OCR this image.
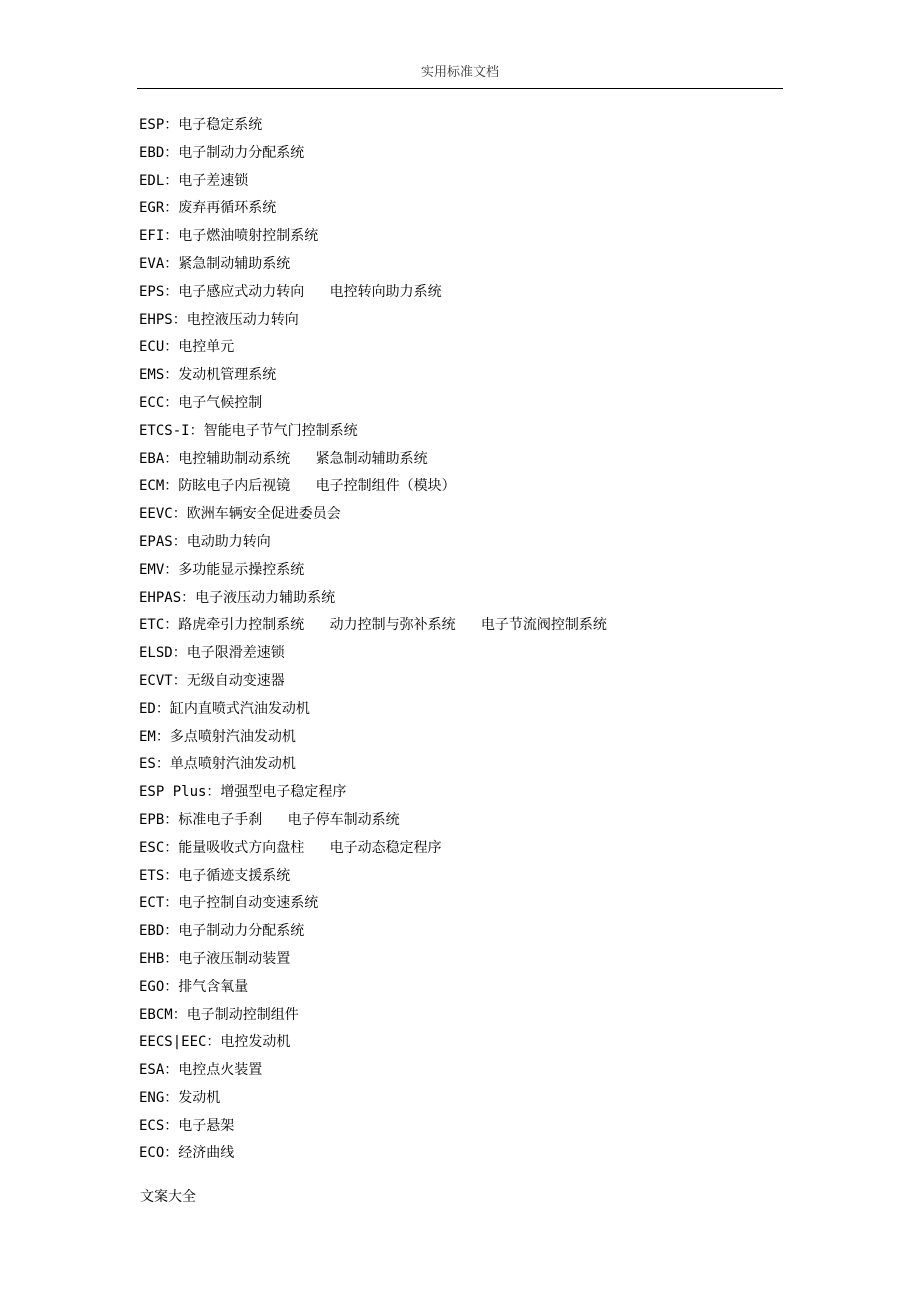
实用标准文档
ESP：电子稳定系统
EBD：电子制动力分配系统
EDL：电子差速锁
EGR：废弃再循环系统
EFI：电子燃油喷射控制系统
EVA：紧急制动辅助系统
EPS：电子感应式动力转向   电控转向助力系统
EHPS：电控液压动力转向
ECU：电控单元
EMS：发动机管理系统
ECC：电子气候控制
ETCS-I：智能电子节气门控制系统
EBA：电控辅助制动系统   紧急制动辅助系统
ECM：防眩电子内后视镜   电子控制组件（模块）
EEVC：欧洲车辆安全促进委员会
EPAS：电动助力转向
EMV：多功能显示操控系统
EHPAS：电子液压动力辅助系统
ETC：路虎牵引力控制系统   动力控制与弥补系统   电子节流阀控制系统
ELSD：电子限滑差速锁
ECVT：无级自动变速器
ED：缸内直喷式汽油发动机
EM：多点喷射汽油发动机
ES：单点喷射汽油发动机
ESP Plus：增强型电子稳定程序
EPB：标准电子手刹   电子停车制动系统
ESC：能量吸收式方向盘柱   电子动态稳定程序
ETS：电子循迹支援系统
ECT：电子控制自动变速系统
EBD：电子制动力分配系统
EHB：电子液压制动装置
EGO：排气含氧量
EBCM：电子制动控制组件
EECS|EEC：电控发动机
ESA：电控点火装置
ENG：发动机
ECS：电子悬架
ECO：经济曲线
文案大全
